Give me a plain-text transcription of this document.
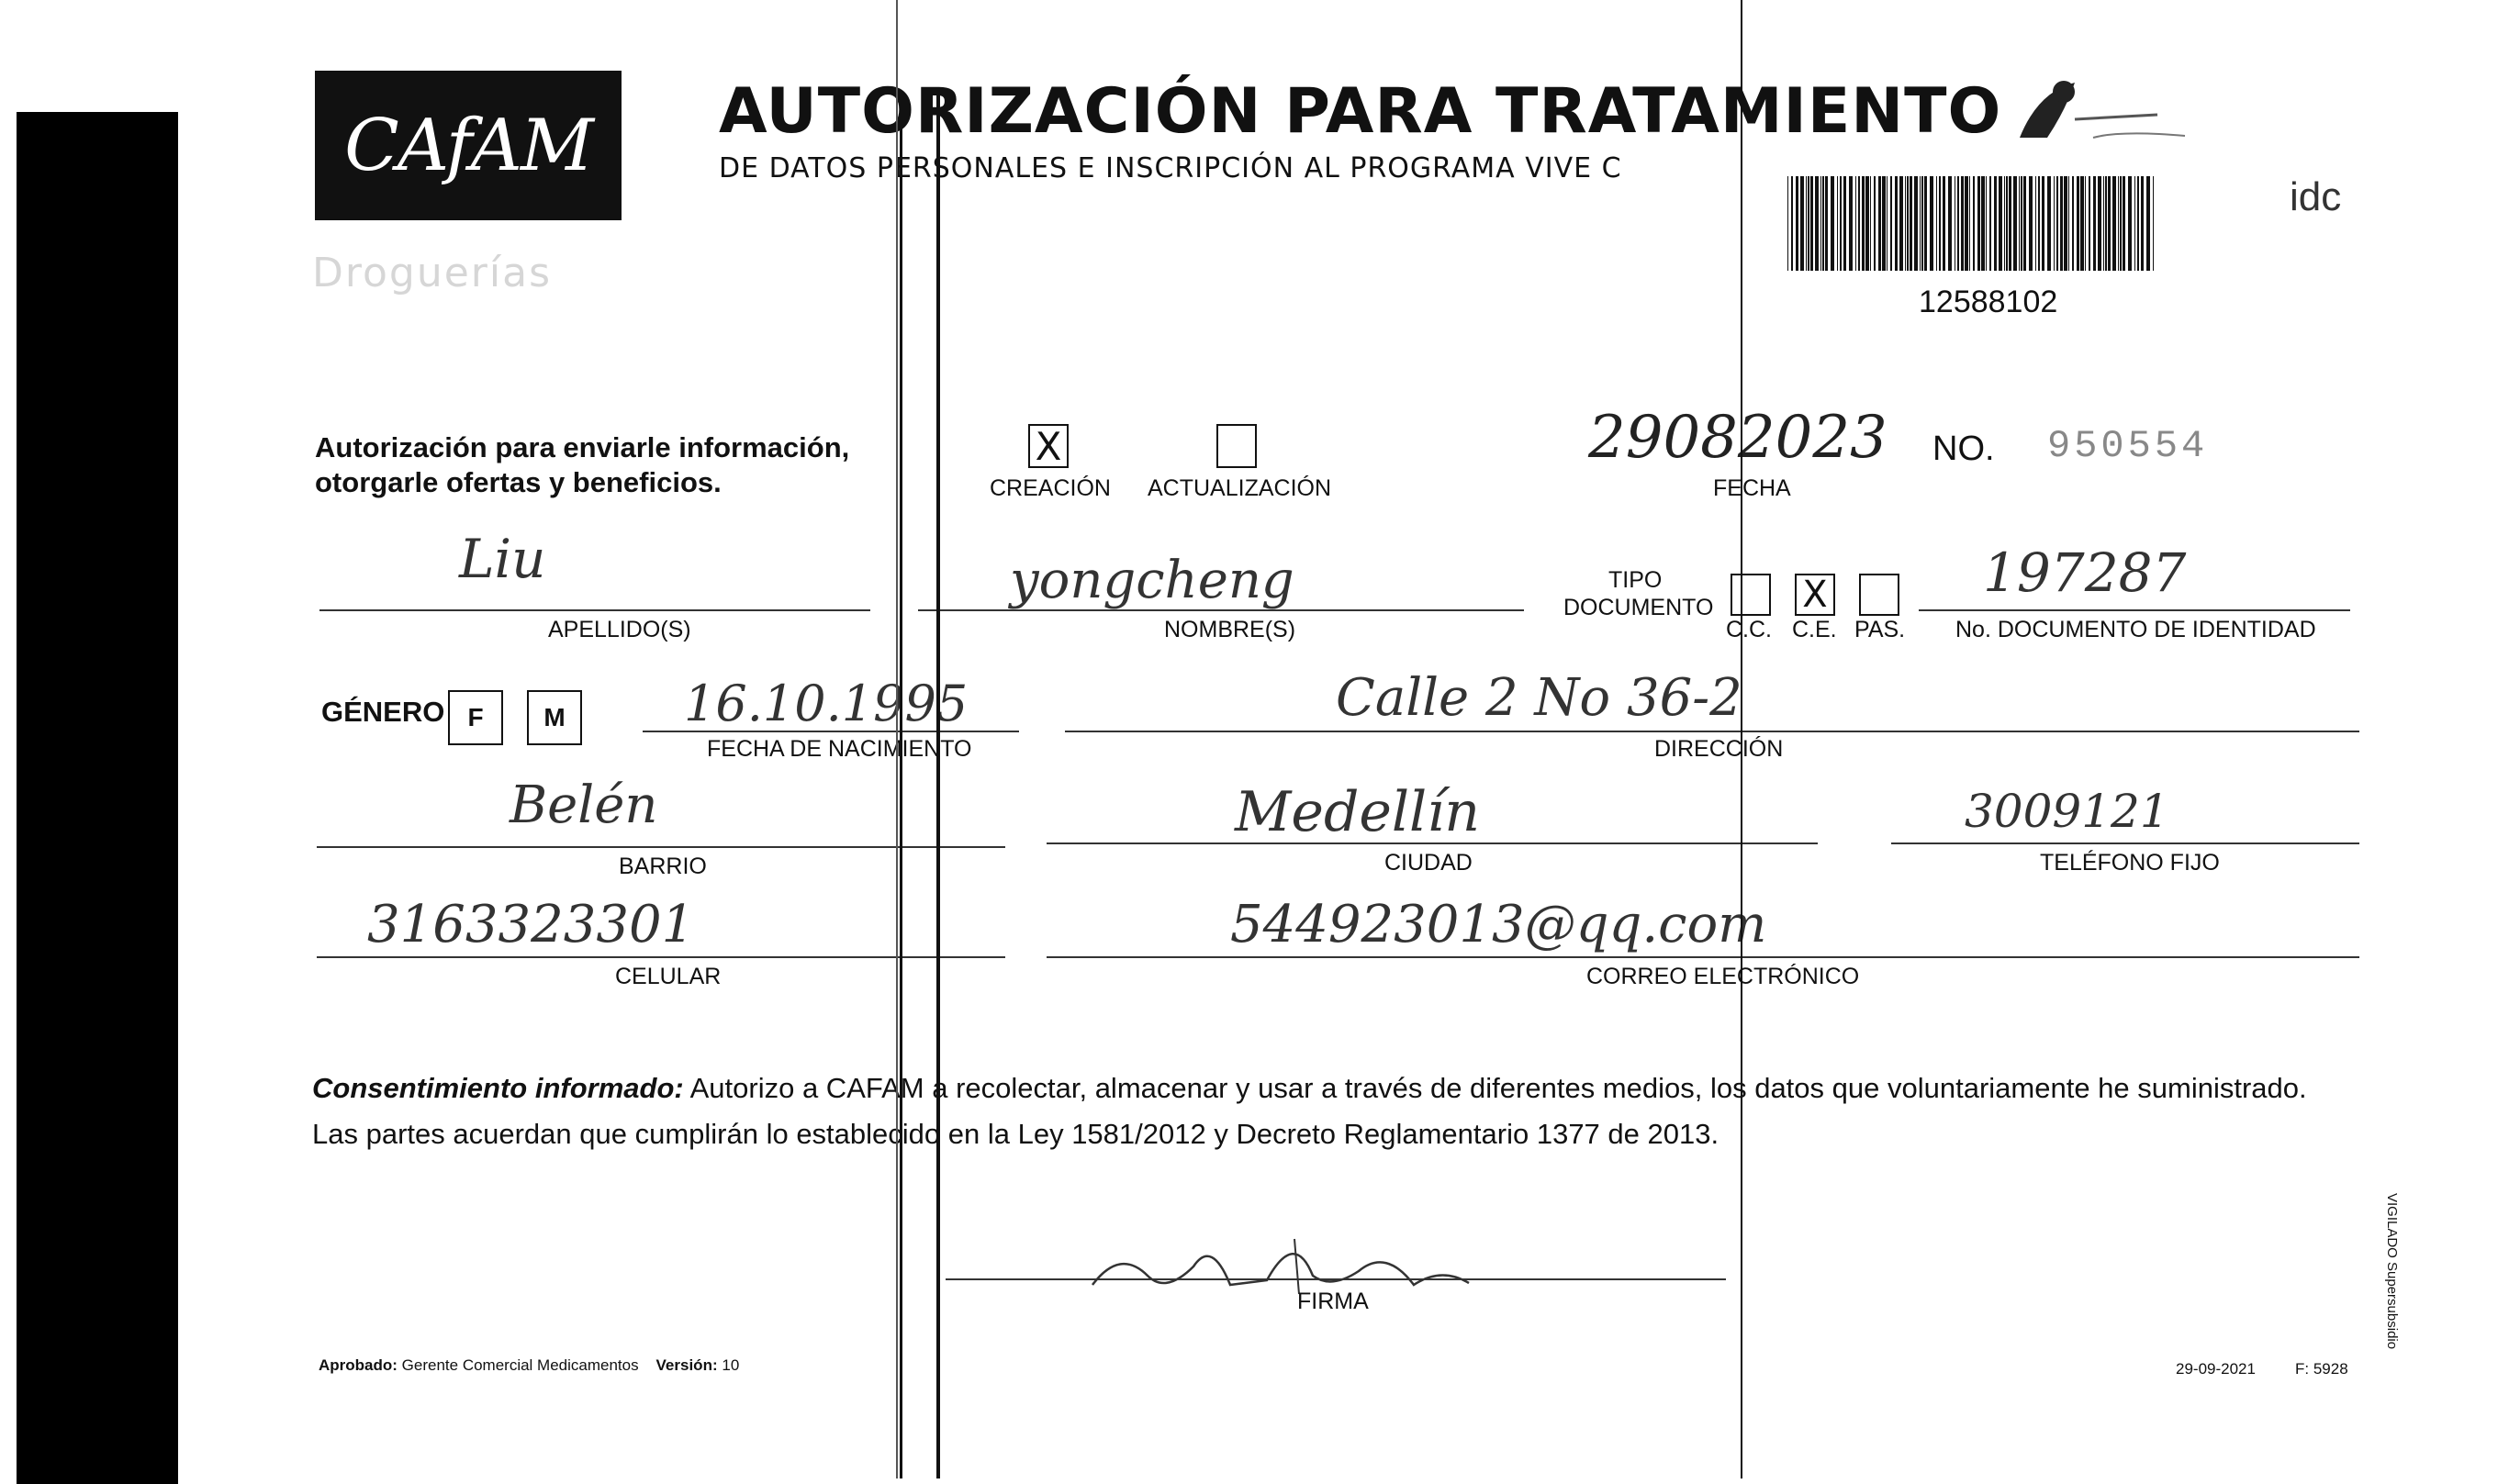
CAfAM
Droguerías
AUTORIZACIÓN PARA TRATAMIENTO
DE DATOS PERSONALES E INSCRIPCIÓN AL PROGRAMA VIVE C
12588102
idc
Autorización para enviarle información,
otorgarle ofertas y beneficios.
X
CREACIÓN ACTUALIZACIÓN
29082023
FECHA
NO. 950554
Liu
APELLIDO(S)
yongcheng
NOMBRE(S)
TIPO
DOCUMENTO
C.C.
X
C.E. PAS.
197287
No. DOCUMENTO DE IDENTIDAD
GÉNERO F M 16.10.1995
FECHA DE NACIMIENTO
Calle 2 No 36-2
DIRECCIÓN
Belén
BARRIO
Medellín
CIUDAD
3009121
TELÉFONO FIJO
3163323301
CELULAR
544923013@qq.com
CORREO ELECTRÓNICO
Consentimiento informado: Autorizo a CAFAM a recolectar, almacenar y usar a través de diferentes medios, los datos que voluntariamente he suministrado.
Las partes acuerdan que cumplirán lo establecido en la Ley 1581/2012 y Decreto Reglamentario 1377 de 2013.
FIRMA
Aprobado: Gerente Comercial Medicamentos Versión: 10	29-09-2021	F: 5928
VIGILADO Supersubsidio
